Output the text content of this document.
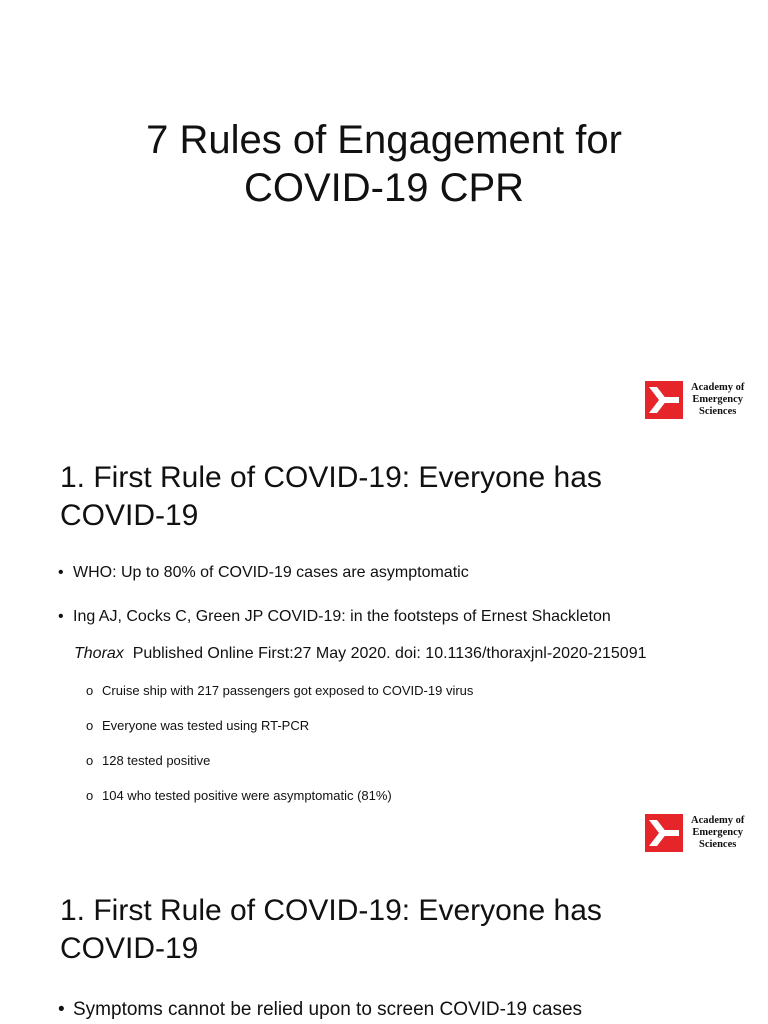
7 Rules of Engagement for
COVID-19 CPR
Academy of
Emergency
Sciences
1. First Rule of COVID-19: Everyone has
COVID-19
• WHO: Up to 80% of COVID-19 cases are asymptomatic
• Ing AJ, Cocks C, Green JP COVID-19: in the footsteps of Ernest Shackleton
Thorax Published Online First:27 May 2020. doi: 10.1136/thoraxjnl-2020-215091
o Cruise ship with 217 passengers got exposed to COVID-19 virus
o Everyone was tested using RT-PCR
o 128 tested positive
o 104 who tested positive were asymptomatic (81%)
Academy of
Emergency
Sciences
1. First Rule of COVID-19: Everyone has
COVID-19
• Symptoms cannot be relied upon to screen COVID-19 cases
